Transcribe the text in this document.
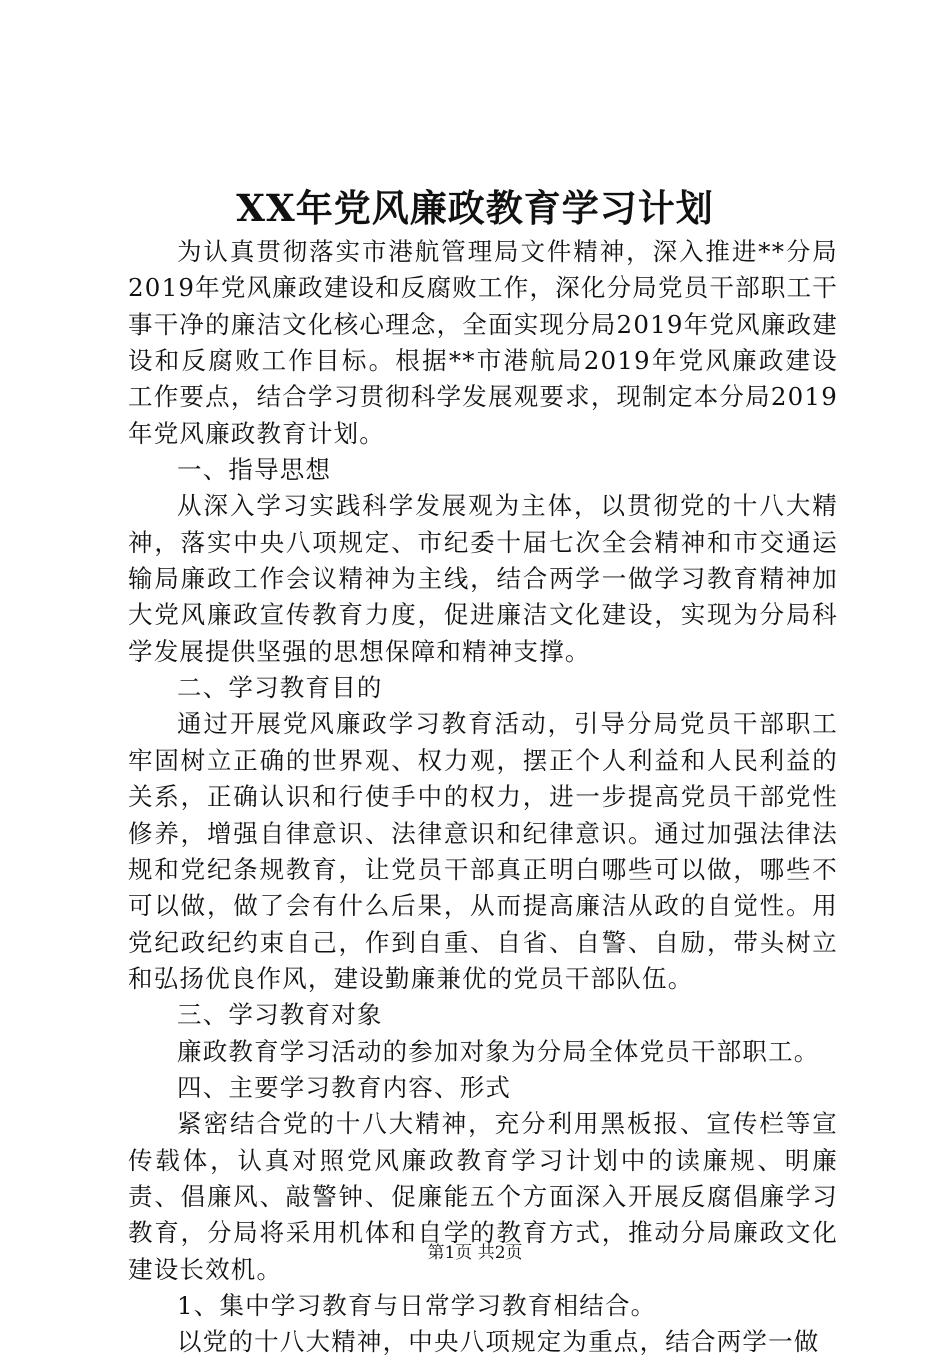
XX年党风廉政教育学习计划

为认真贯彻落实市港航管理局文件精神，深入推进**分局2019年党风廉政建设和反腐败工作，深化分局党员干部职工干事干净的廉洁文化核心理念，全面实现分局2019年党风廉政建设和反腐败工作目标。根据**市港航局2019年党风廉政建设工作要点，结合学习贯彻科学发展观要求，现制定本分局2019年党风廉政教育计划。

一、指导思想

从深入学习实践科学发展观为主体，以贯彻党的十八大精神，落实中央八项规定、市纪委十届七次全会精神和市交通运输局廉政工作会议精神为主线，结合两学一做学习教育精神加大党风廉政宣传教育力度，促进廉洁文化建设，实现为分局科学发展提供坚强的思想保障和精神支撑。

二、学习教育目的

通过开展党风廉政学习教育活动，引导分局党员干部职工牢固树立正确的世界观、权力观，摆正个人利益和人民利益的关系，正确认识和行使手中的权力，进一步提高党员干部党性修养，增强自律意识、法律意识和纪律意识。通过加强法律法规和党纪条规教育，让党员干部真正明白哪些可以做，哪些不可以做，做了会有什么后果，从而提高廉洁从政的自觉性。用党纪政纪约束自己，作到自重、自省、自警、自励，带头树立和弘扬优良作风，建设勤廉兼优的党员干部队伍。

三、学习教育对象

廉政教育学习活动的参加对象为分局全体党员干部职工。

四、主要学习教育内容、形式

紧密结合党的十八大精神，充分利用黑板报、宣传栏等宣传载体，认真对照党风廉政教育学习计划中的读廉规、明廉责、倡廉风、敲警钟、促廉能五个方面深入开展反腐倡廉学习教育，分局将采用机体和自学的教育方式，推动分局廉政文化建设长效机。

1、集中学习教育与日常学习教育相结合。

以党的十八大精神，中央八项规定为重点，结合两学一做

第1页 共2页
